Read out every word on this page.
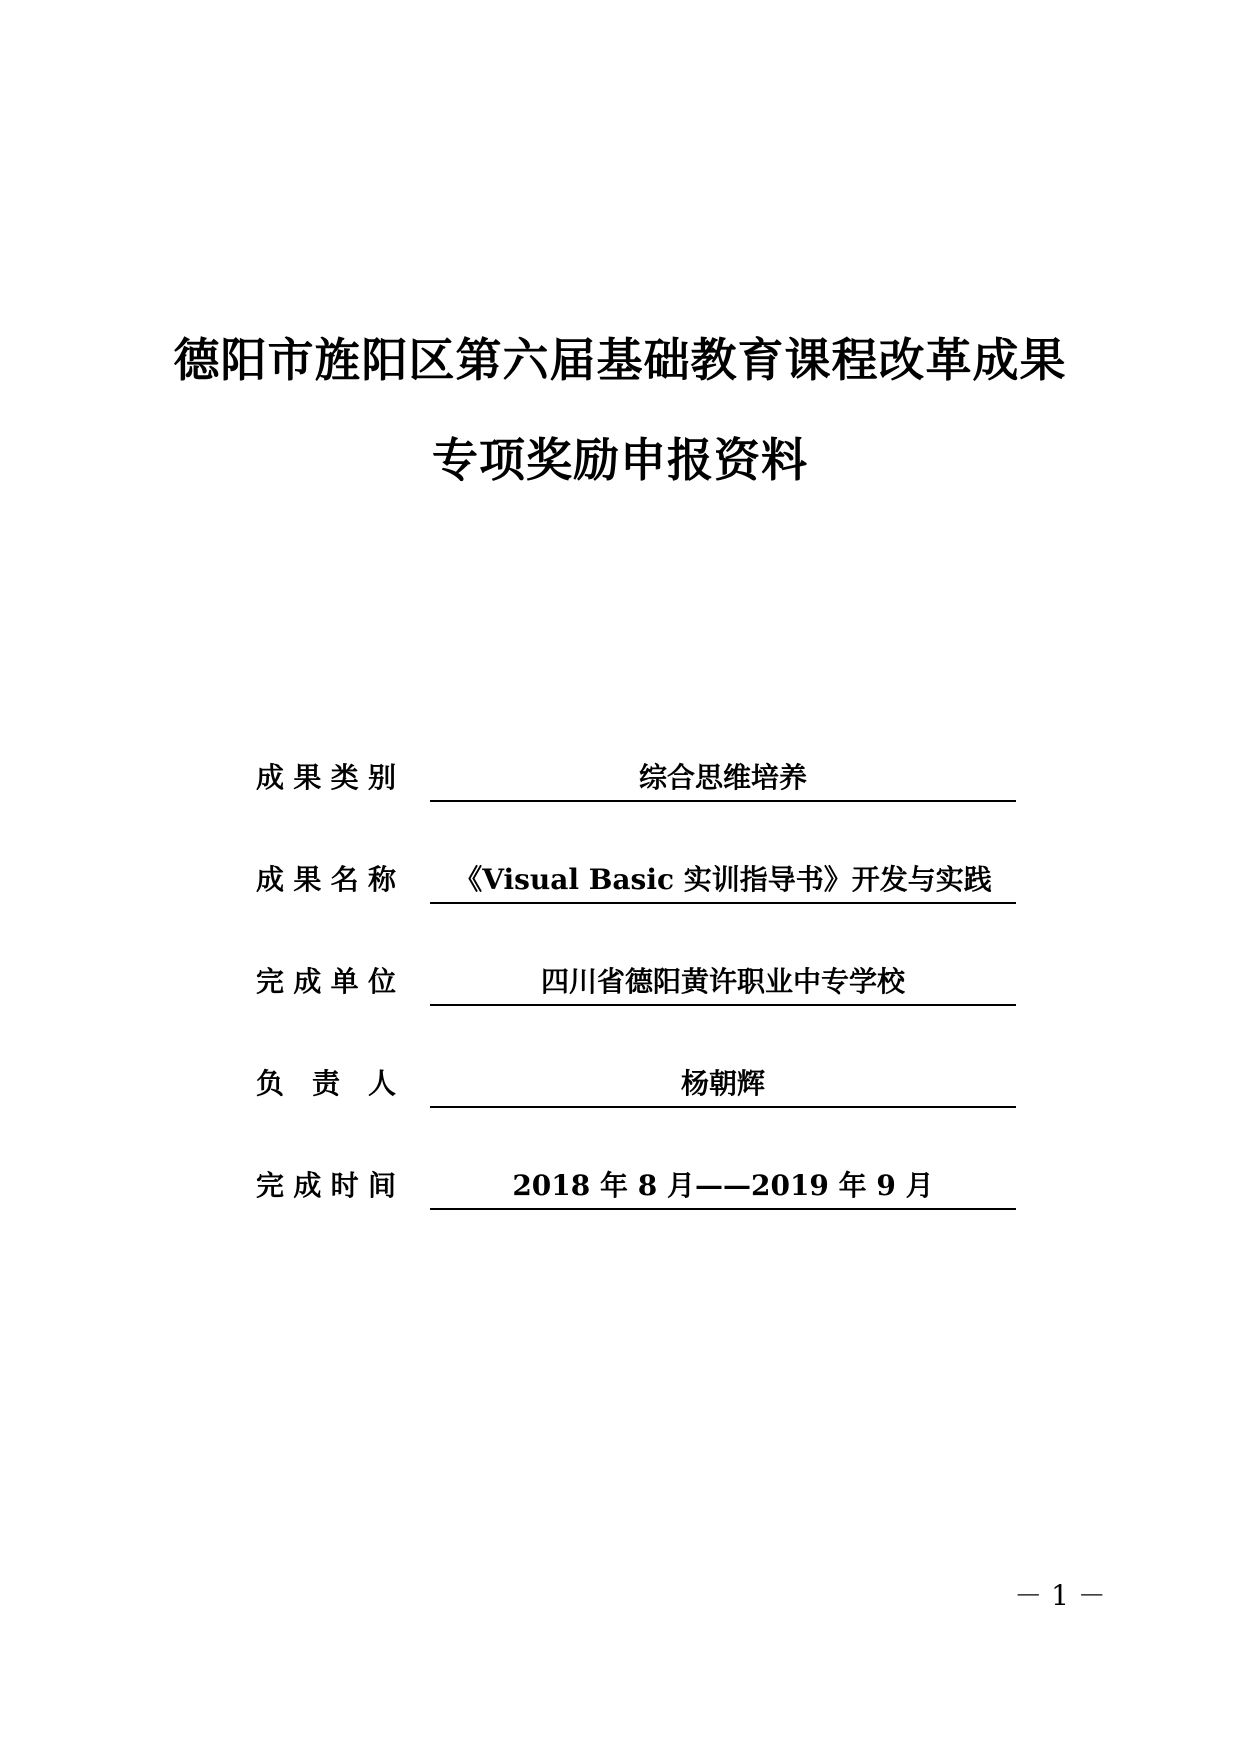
德阳市旌阳区第六届基础教育课程改革成果
专项奖励申报资料
成果类别	综合思维培养
成果名称	《Visual Basic 实训指导书》开发与实践
完成单位	四川省德阳黄许职业中专学校
负责人	杨朝辉
完成时间	2018 年 8 月——2019 年 9 月
－ 1 －
